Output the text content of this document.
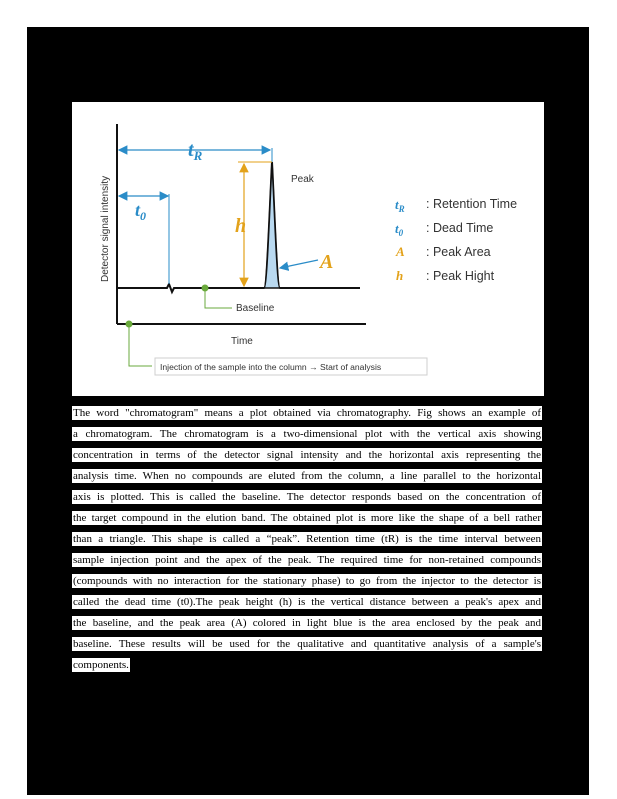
$t_R$
$t_0$	h
A
Peak
Baseline
Time
Detector signal intensity
Injection of the sample into the column → Start of analysis
$t_R$ : Retention Time
$t_0$ : Dead Time
A : Peak Area
h : Peak Hight
The word "chromatogram" means a plot obtained via chromatography. Fig shows an example of
a chromatogram. The chromatogram is a two-dimensional plot with the vertical axis showing
concentration in terms of the detector signal intensity and the horizontal axis representing the
analysis time. When no compounds are eluted from the column, a line parallel to the horizontal
axis is plotted. This is called the baseline. The detector responds based on the concentration of
the target compound in the elution band. The obtained plot is more like the shape of a bell rather
than a triangle. This shape is called a “peak”. Retention time (tR) is the time interval between
sample injection point and the apex of the peak. The required time for non-retained compounds
(compounds with no interaction for the stationary phase) to go from the injector to the detector is
called the dead time (t0).The peak height (h) is the vertical distance between a peak's apex and
the baseline, and the peak area (A) colored in light blue is the area enclosed by the peak and
baseline. These results will be used for the qualitative and quantitative analysis of a sample's
components.
